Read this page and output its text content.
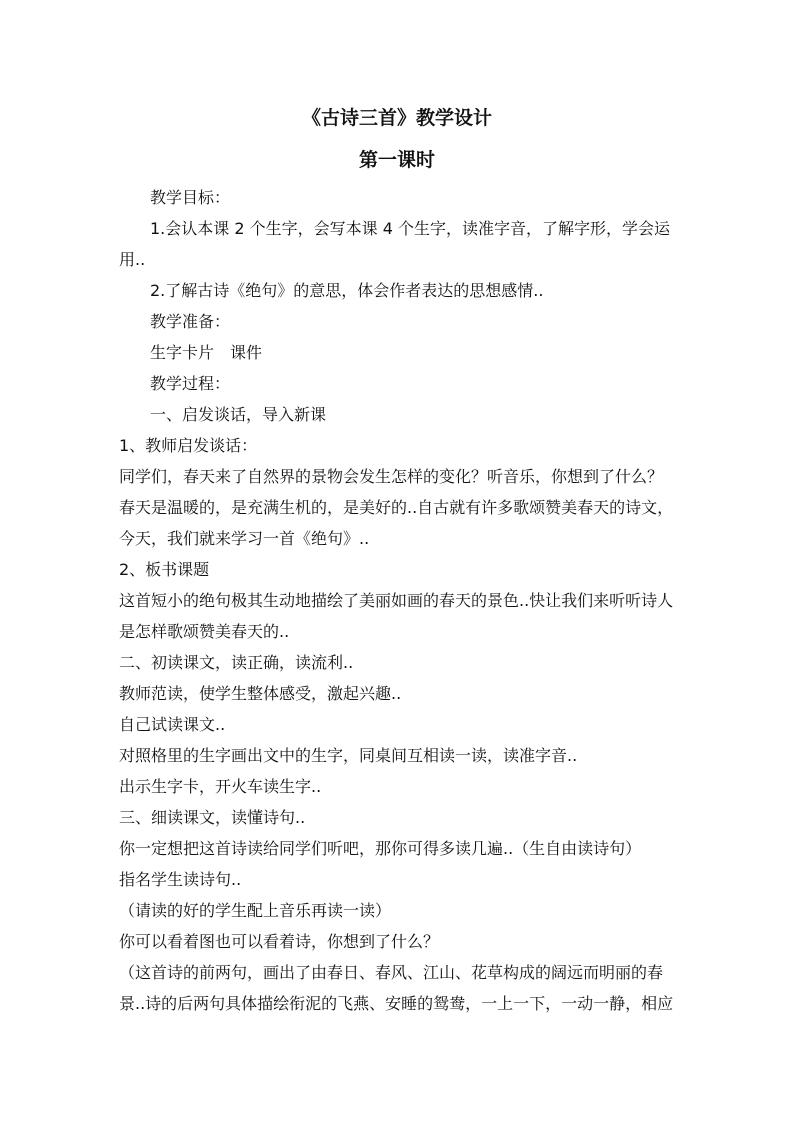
《古诗三首》教学设计
第一课时
教学目标：
1.会认本课 2 个生字，会写本课 4 个生字，读准字音，了解字形，学会运
用..
2.了解古诗《绝句》的意思，体会作者表达的思想感情..
教学准备：
生字卡片　课件
教学过程：
一、启发谈话，导入新课
1、教师启发谈话：
同学们，春天来了自然界的景物会发生怎样的变化？听音乐，你想到了什么？
春天是温暖的，是充满生机的，是美好的..自古就有许多歌颂赞美春天的诗文，
今天，我们就来学习一首《绝句》..
2、板书课题
这首短小的绝句极其生动地描绘了美丽如画的春天的景色..快让我们来听听诗人
是怎样歌颂赞美春天的..
二、初读课文，读正确，读流利..
教师范读，使学生整体感受，激起兴趣..
自己试读课文..
对照格里的生字画出文中的生字，同桌间互相读一读，读准字音..
出示生字卡，开火车读生字..
三、细读课文，读懂诗句..
你一定想把这首诗读给同学们听吧，那你可得多读几遍..（生自由读诗句）
指名学生读诗句..
（请读的好的学生配上音乐再读一读）
你可以看着图也可以看着诗，你想到了什么？
（这首诗的前两句，画出了由春日、春风、江山、花草构成的阔远而明丽的春
景..诗的后两句具体描绘衔泥的飞燕、安睡的鸳鸯，一上一下，一动一静，相应
